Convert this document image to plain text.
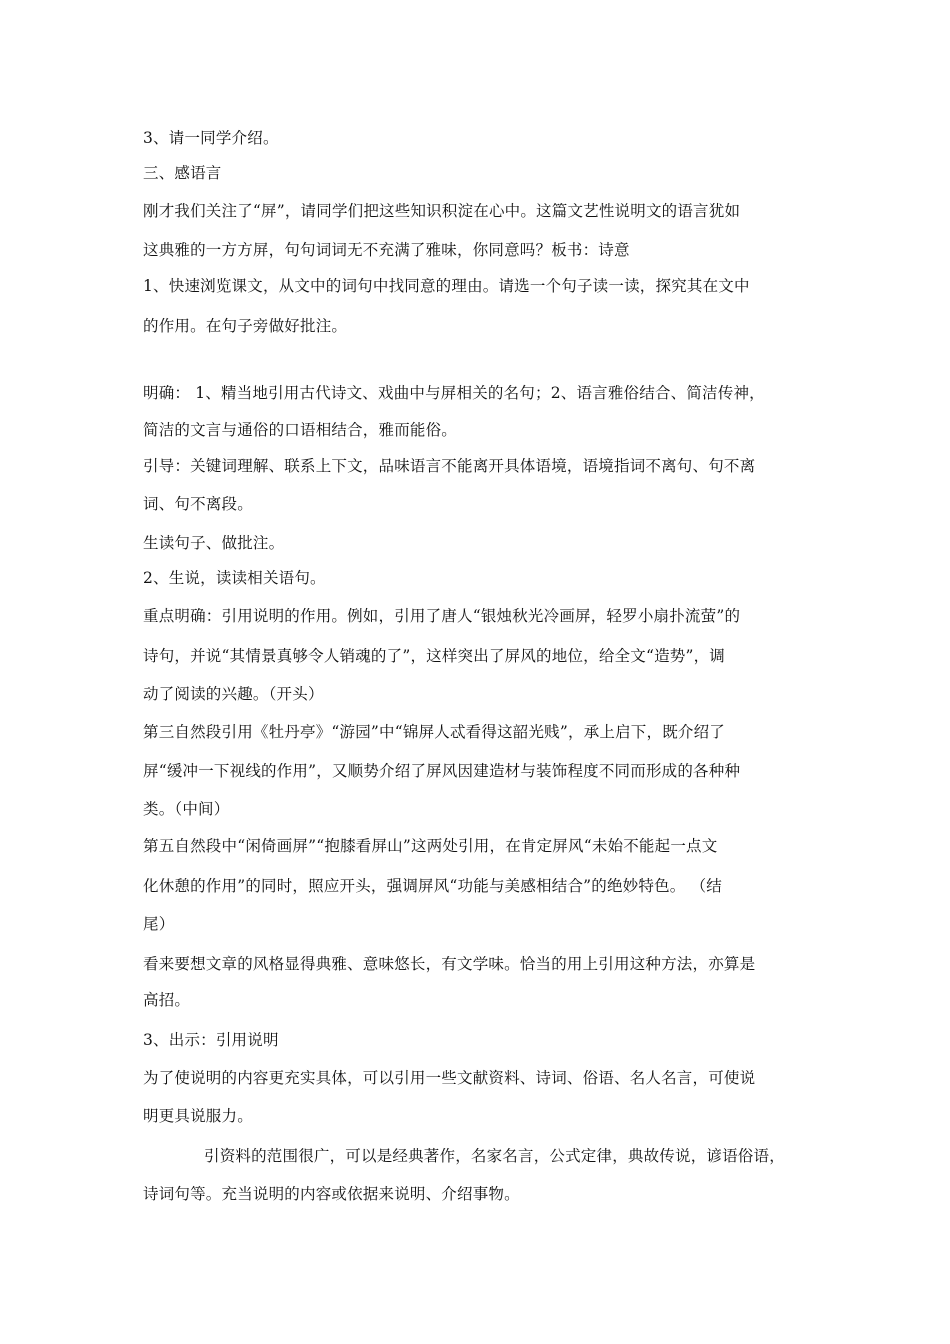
3、请一同学介绍。
三、感语言
刚才我们关注了“屏”，请同学们把这些知识积淀在心中。这篇文艺性说明文的语言犹如
这典雅的一方方屏，句句词词无不充满了雅味，你同意吗？板书：诗意
1、快速浏览课文，从文中的词句中找同意的理由。请选一个句子读一读，探究其在文中
的作用。在句子旁做好批注。
明确： 1、精当地引用古代诗文、戏曲中与屏相关的名句；2、语言雅俗结合、简洁传神，
简洁的文言与通俗的口语相结合，雅而能俗。
引导：关键词理解、联系上下文，品味语言不能离开具体语境，语境指词不离句、句不离
词、句不离段。
生读句子、做批注。
2、生说，读读相关语句。
重点明确：引用说明的作用。例如，引用了唐人“银烛秋光冷画屏，轻罗小扇扑流萤”的
诗句，并说“其情景真够令人销魂的了”，这样突出了屏风的地位，给全文“造势”，调
动了阅读的兴趣。（开头）
第三自然段引用《牡丹亭》“游园”中“锦屏人忒看得这韶光贱”，承上启下，既介绍了
屏“缓冲一下视线的作用”，又顺势介绍了屏风因建造材与装饰程度不同而形成的各种种
类。（中间）
第五自然段中“闲倚画屏”“抱膝看屏山”这两处引用，在肯定屏风“未始不能起一点文
化休憩的作用”的同时，照应开头，强调屏风“功能与美感相结合”的绝妙特色。 （结
尾）
看来要想文章的风格显得典雅、意味悠长，有文学味。恰当的用上引用这种方法，亦算是
高招。
3、出示：引用说明
为了使说明的内容更充实具体，可以引用一些文献资料、诗词、俗语、名人名言，可使说
明更具说服力。
引资料的范围很广，可以是经典著作，名家名言，公式定律，典故传说，谚语俗语，
诗词句等。充当说明的内容或依据来说明、介绍事物。
